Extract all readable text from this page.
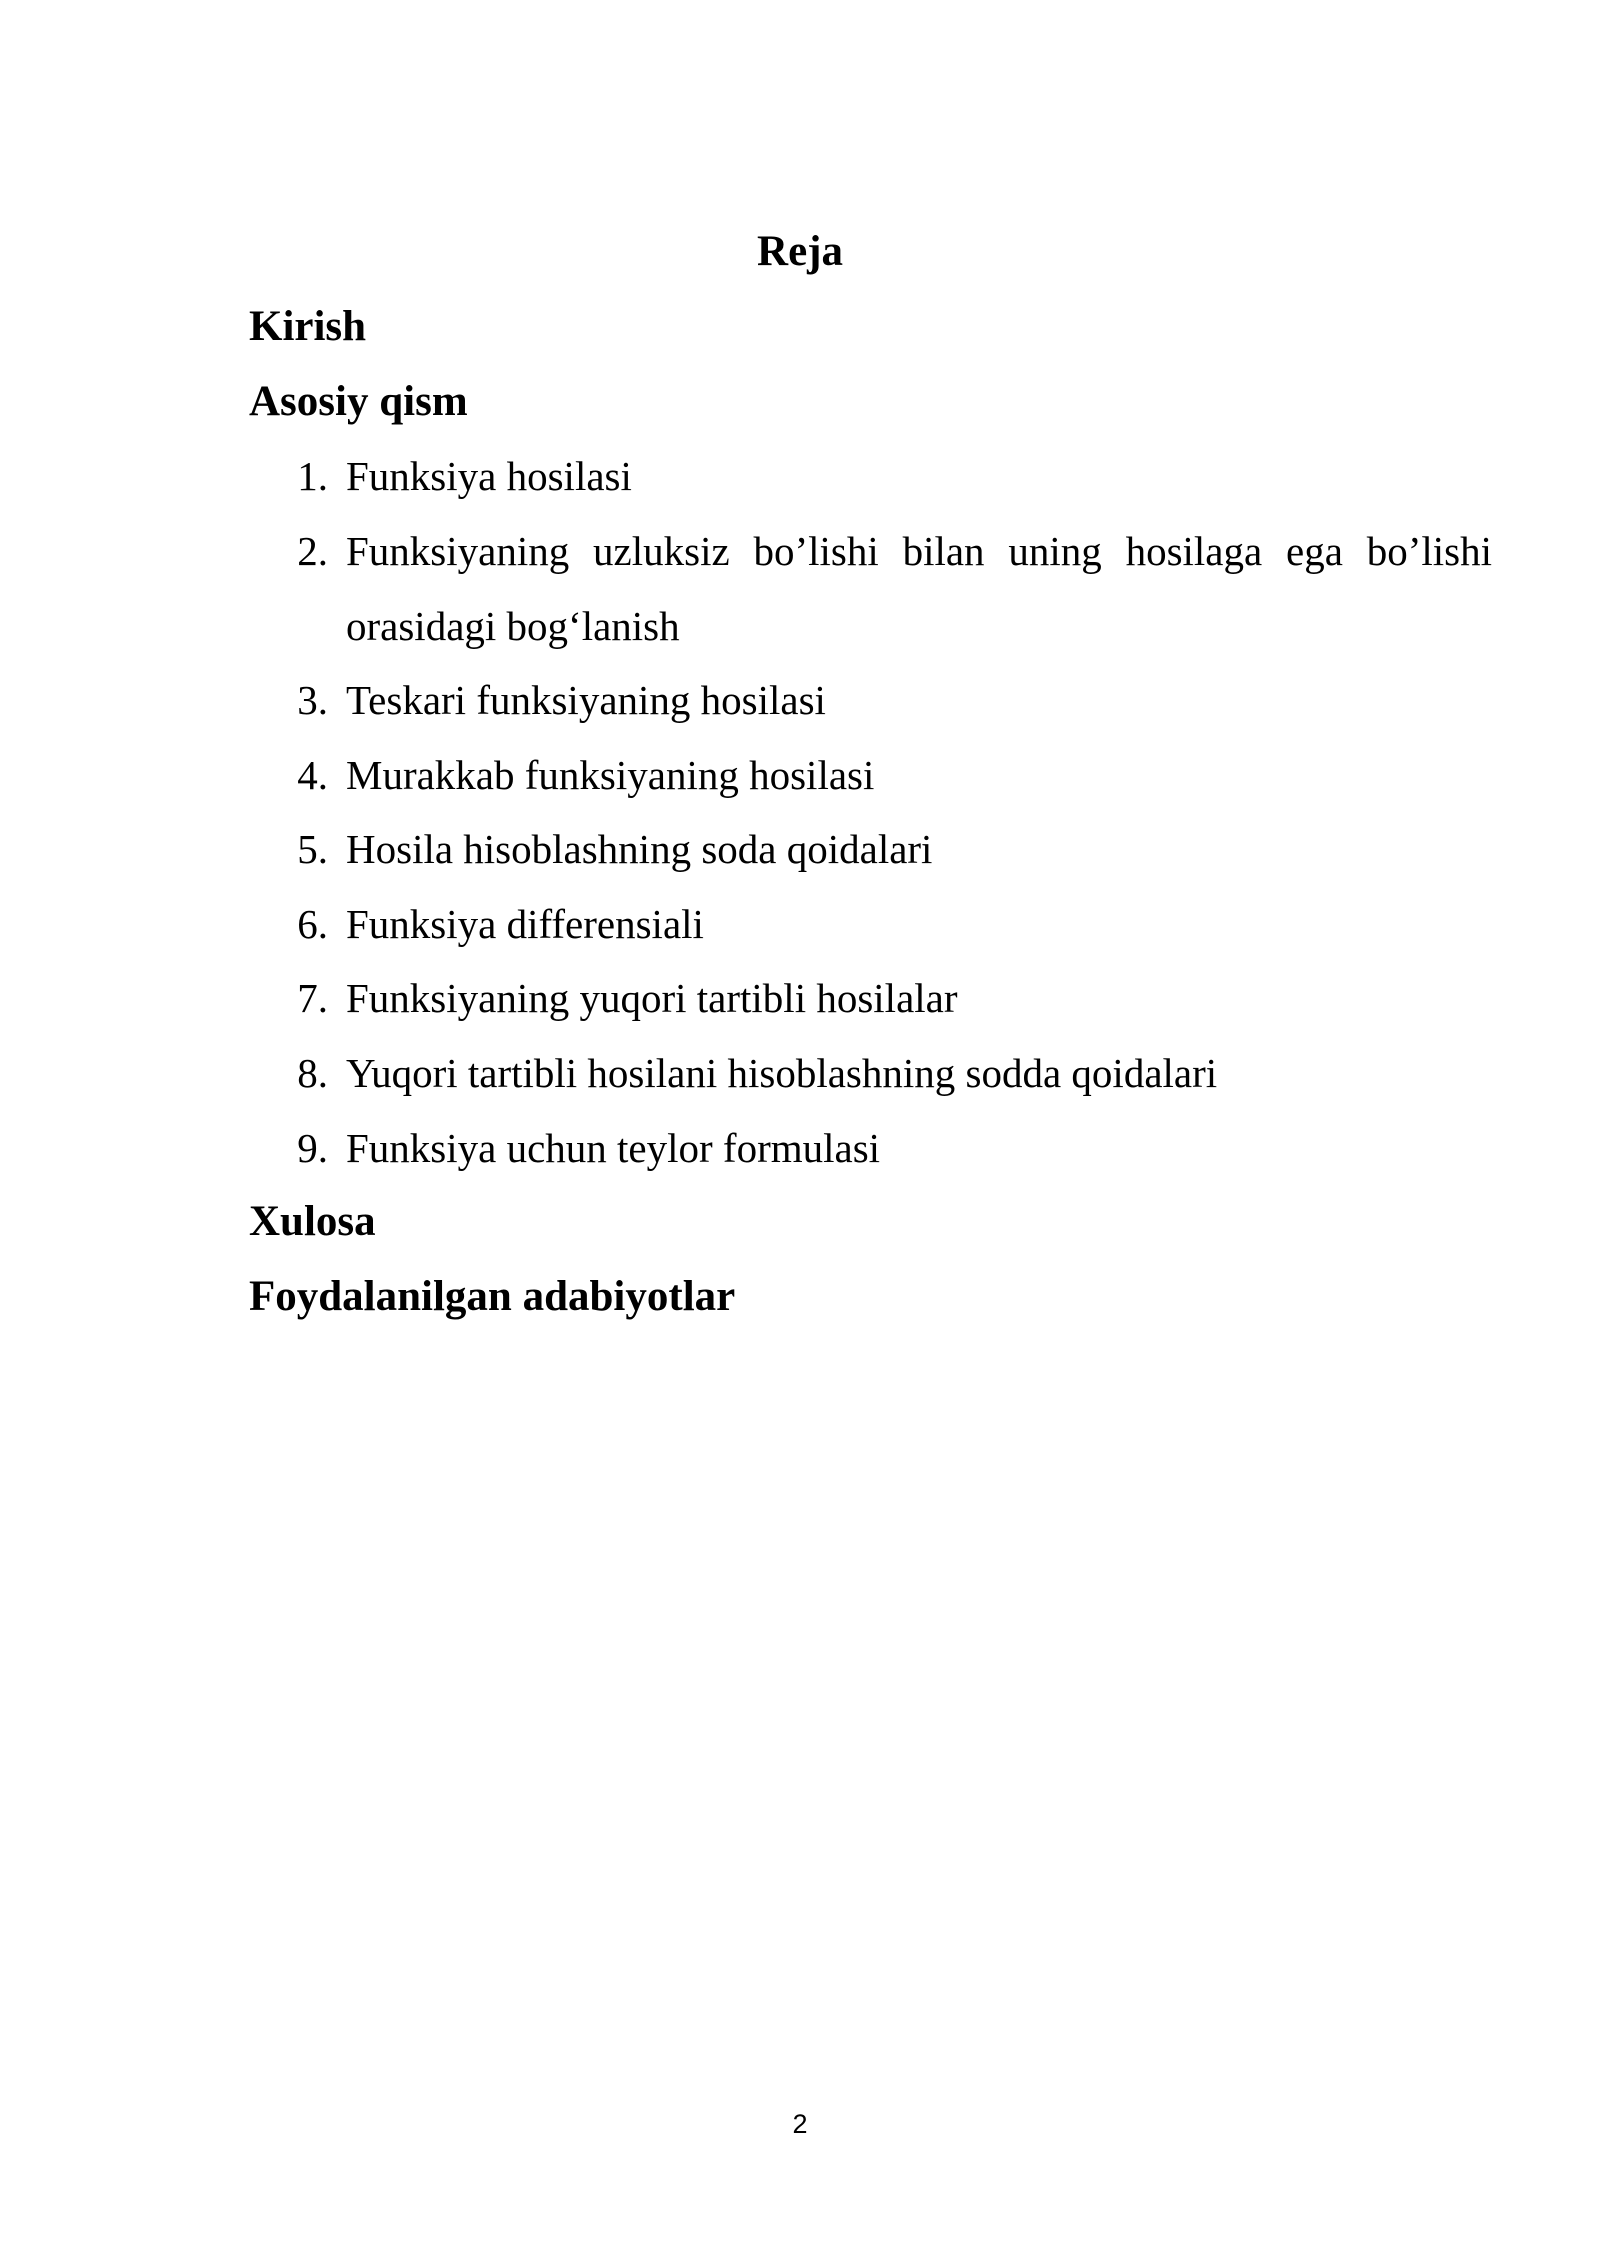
Reja
Kirish
Asosiy qism
1. Funksiya hosilasi
2. Funksiyaning uzluksiz bo’lishi bilan uning hosilaga ega bo’lishi
orasidagi bog‘lanish
3. Teskari funksiyaning hosilasi
4. Murakkab funksiyaning hosilasi
5. Hosila hisoblashning soda qoidalari
6. Funksiya differensiali
7. Funksiyaning yuqori tartibli hosilalar
8. Yuqori tartibli hosilani hisoblashning sodda qoidalari
9. Funksiya uchun teylor formulasi
Xulosa
Foydalanilgan adabiyotlar
2
